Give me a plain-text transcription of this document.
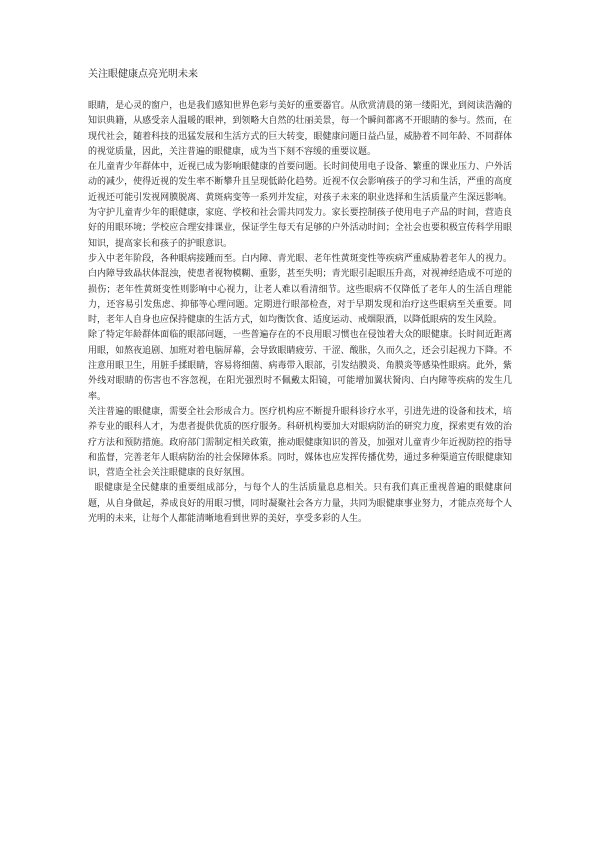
关注眼健康点亮光明未来

眼睛，是心灵的窗户，也是我们感知世界色彩与美好的重要器官。从欣赏清晨的第一缕阳光，到阅读浩瀚的知识典籍，从感受亲人温暖的眼神，到领略大自然的壮丽美景，每一个瞬间都离不开眼睛的参与。然而，在现代社会，随着科技的迅猛发展和生活方式的巨大转变，眼健康问题日益凸显，威胁着不同年龄、不同群体的视觉质量，因此，关注普遍的眼健康，成为当下刻不容缓的重要议题。

在儿童青少年群体中，近视已成为影响眼健康的首要问题。长时间使用电子设备、繁重的课业压力、户外活动的减少，使得近视的发生率不断攀升且呈现低龄化趋势。近视不仅会影响孩子的学习和生活，严重的高度近视还可能引发视网膜脱离、黄斑病变等一系列并发症，对孩子未来的职业选择和生活质量产生深远影响。为守护儿童青少年的眼健康，家庭、学校和社会需共同发力。家长要控制孩子使用电子产品的时间，营造良好的用眼环境；学校应合理安排课业，保证学生每天有足够的户外活动时间；全社会也要积极宣传科学用眼知识，提高家长和孩子的护眼意识。

步入中老年阶段，各种眼病接踵而至。白内障、青光眼、老年性黄斑变性等疾病严重威胁着老年人的视力。白内障导致晶状体混浊，使患者视物模糊、重影，甚至失明；青光眼引起眼压升高，对视神经造成不可逆的损伤；老年性黄斑变性则影响中心视力，让老人难以看清细节。这些眼病不仅降低了老年人的生活自理能力，还容易引发焦虑、抑郁等心理问题。定期进行眼部检查，对于早期发现和治疗这些眼病至关重要。同时，老年人自身也应保持健康的生活方式，如均衡饮食、适度运动、戒烟限酒，以降低眼病的发生风险。

除了特定年龄群体面临的眼部问题，一些普遍存在的不良用眼习惯也在侵蚀着大众的眼健康。长时间近距离用眼，如熬夜追剧、加班对着电脑屏幕，会导致眼睛疲劳、干涩、酸胀，久而久之，还会引起视力下降。不注意用眼卫生，用脏手揉眼睛，容易将细菌、病毒带入眼部，引发结膜炎、角膜炎等感染性眼病。此外，紫外线对眼睛的伤害也不容忽视，在阳光强烈时不佩戴太阳镜，可能增加翼状胬肉、白内障等疾病的发生几率。

关注普遍的眼健康，需要全社会形成合力。医疗机构应不断提升眼科诊疗水平，引进先进的设备和技术，培养专业的眼科人才，为患者提供优质的医疗服务。科研机构要加大对眼病防治的研究力度，探索更有效的治疗方法和预防措施。政府部门需制定相关政策，推动眼健康知识的普及，加强对儿童青少年近视防控的指导和监督，完善老年人眼病防治的社会保障体系。同时，媒体也应发挥传播优势，通过多种渠道宣传眼健康知识，营造全社会关注眼健康的良好氛围。

眼健康是全民健康的重要组成部分，与每个人的生活质量息息相关。只有我们真正重视普遍的眼健康问题，从自身做起，养成良好的用眼习惯，同时凝聚社会各方力量，共同为眼健康事业努力，才能点亮每个人光明的未来，让每个人都能清晰地看到世界的美好，享受多彩的人生。
